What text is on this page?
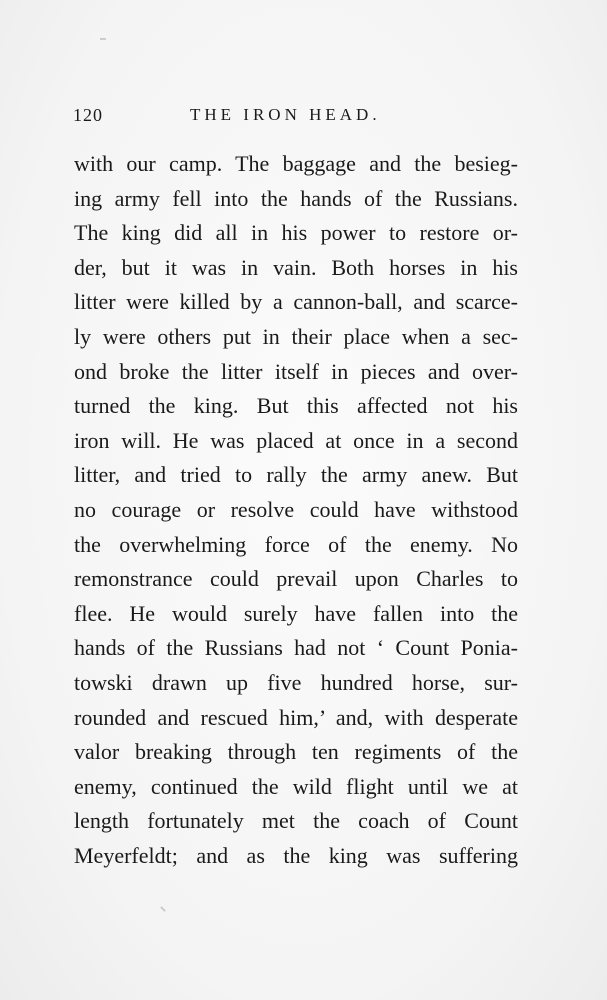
120	THE IRON HEAD.
with our camp. The baggage and the besieg-
ing army fell into the hands of the Russians.
The king did all in his power to restore or-
der, but it was in vain. Both horses in his
litter were killed by a cannon-ball, and scarce-
ly were others put in their place when a sec-
ond broke the litter itself in pieces and over-
turned the king. But this affected not his
iron will. He was placed at once in a second
litter, and tried to rally the army anew. But
no courage or resolve could have withstood
the overwhelming force of the enemy. No
remonstrance could prevail upon Charles to
flee. He would surely have fallen into the
hands of the Russians had not ‘ Count Ponia-
towski drawn up five hundred horse, sur-
rounded and rescued him,’ and, with desperate
valor breaking through ten regiments of the
enemy, continued the wild flight until we at
length fortunately met the coach of Count
Meyerfeldt; and as the king was suffering
